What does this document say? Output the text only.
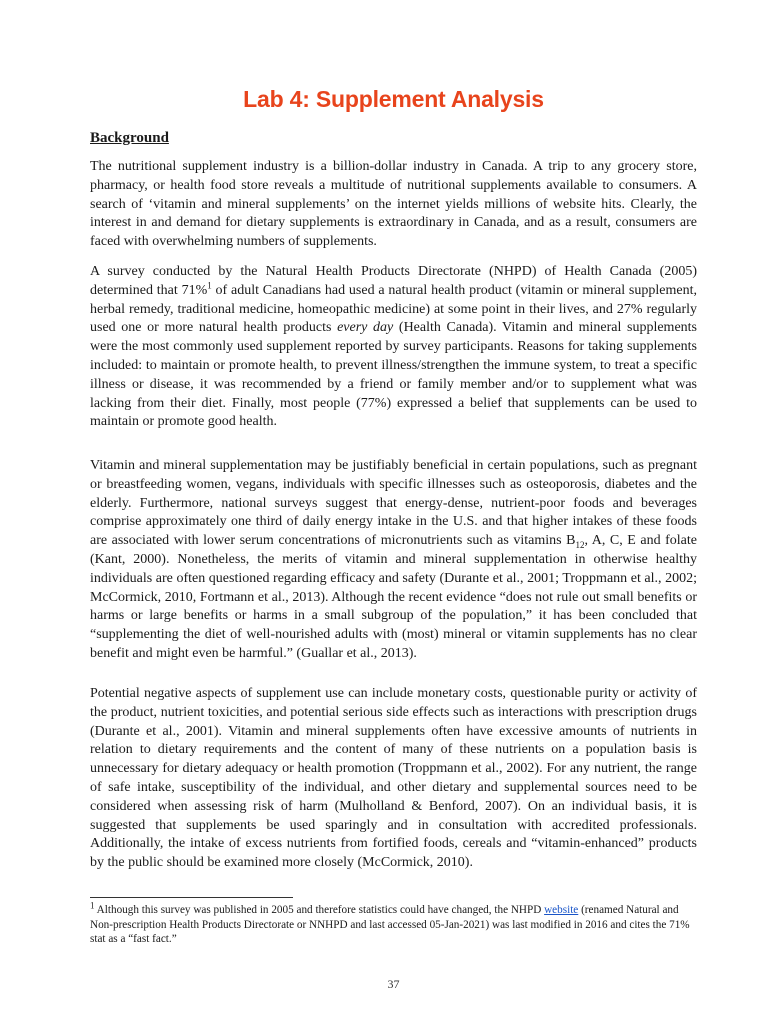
Lab 4: Supplement Analysis
Background

The nutritional supplement industry is a billion-dollar industry in Canada. A trip to any grocery store, pharmacy, or health food store reveals a multitude of nutritional supplements available to consumers. A search of ‘vitamin and mineral supplements’ on the internet yields millions of website hits. Clearly, the interest in and demand for dietary supplements is extraordinary in Canada, and as a result, consumers are faced with overwhelming numbers of supplements.

A survey conducted by the Natural Health Products Directorate (NHPD) of Health Canada (2005) determined that 71%$^1$ of adult Canadians had used a natural health product (vitamin or mineral supplement, herbal remedy, traditional medicine, homeopathic medicine) at some point in their lives, and 27% regularly used one or more natural health products every day (Health Canada). Vitamin and mineral supplements were the most commonly used supplement reported by survey participants. Reasons for taking supplements included: to maintain or promote health, to prevent illness/strengthen the immune system, to treat a specific illness or disease, it was recommended by a friend or family member and/or to supplement what was lacking from their diet. Finally, most people (77%) expressed a belief that supplements can be used to maintain or promote good health.

Vitamin and mineral supplementation may be justifiably beneficial in certain populations, such as pregnant or breastfeeding women, vegans, individuals with specific illnesses such as osteoporosis, diabetes and the elderly. Furthermore, national surveys suggest that energy-dense, nutrient-poor foods and beverages comprise approximately one third of daily energy intake in the U.S. and that higher intakes of these foods are associated with lower serum concentrations of micronutrients such as vitamins $B_{12}$, A, C, E and folate (Kant, 2000). Nonetheless, the merits of vitamin and mineral supplementation in otherwise healthy individuals are often questioned regarding efficacy and safety (Durante et al., 2001; Troppmann et al., 2002; McCormick, 2010, Fortmann et al., 2013). Although the recent evidence “does not rule out small benefits or harms or large benefits or harms in a small subgroup of the population,” it has been concluded that “supplementing the diet of well-nourished adults with (most) mineral or vitamin supplements has no clear benefit and might even be harmful.” (Guallar et al., 2013).

Potential negative aspects of supplement use can include monetary costs, questionable purity or activity of the product, nutrient toxicities, and potential serious side effects such as interactions with prescription drugs (Durante et al., 2001). Vitamin and mineral supplements often have excessive amounts of nutrients in relation to dietary requirements and the content of many of these nutrients on a population basis is unnecessary for dietary adequacy or health promotion (Troppmann et al., 2002). For any nutrient, the range of safe intake, susceptibility of the individual, and other dietary and supplemental sources need to be considered when assessing risk of harm (Mulholland & Benford, 2007). On an individual basis, it is suggested that supplements be used sparingly and in consultation with accredited professionals. Additionally, the intake of excess nutrients from fortified foods, cereals and “vitamin-enhanced” products by the public should be examined more closely (McCormick, 2010).

$^1$ Although this survey was published in 2005 and therefore statistics could have changed, the NHPD website (renamed Natural and Non-prescription Health Products Directorate or NNHPD and last accessed 05-Jan-2021) was last modified in 2016 and cites the 71% stat as a “fast fact.”

37
